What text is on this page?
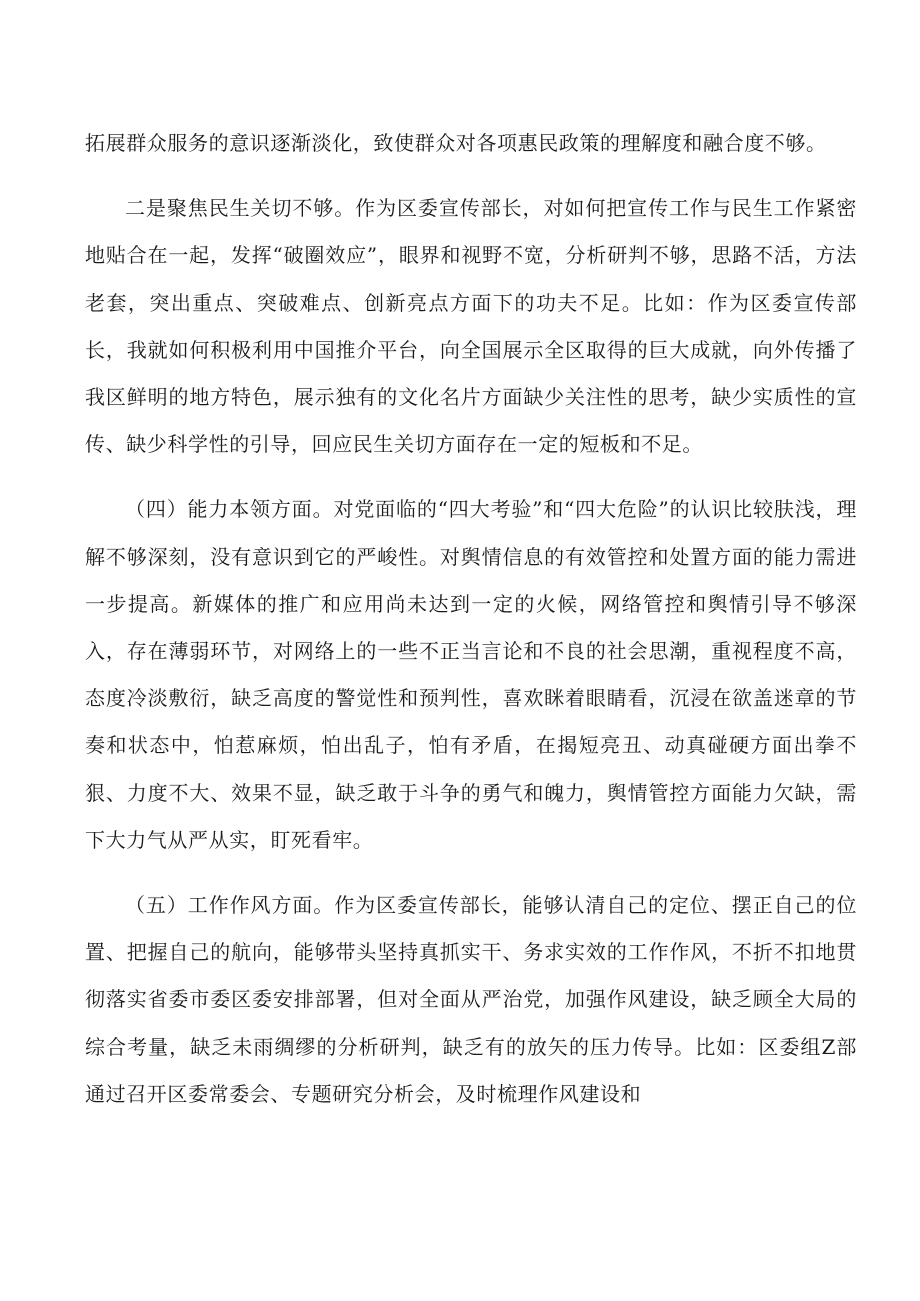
拓展群众服务的意识逐渐淡化，致使群众对各项惠民政策的理解度和融合度不够。

二是聚焦民生关切不够。作为区委宣传部长，对如何把宣传工作与民生工作紧密地贴合在一起，发挥“破圈效应”，眼界和视野不宽，分析研判不够，思路不活，方法老套，突出重点、突破难点、创新亮点方面下的功夫不足。比如：作为区委宣传部长，我就如何积极利用中国推介平台，向全国展示全区取得的巨大成就，向外传播了我区鲜明的地方特色，展示独有的文化名片方面缺少关注性的思考，缺少实质性的宣传、缺少科学性的引导，回应民生关切方面存在一定的短板和不足。

（四）能力本领方面。对党面临的“四大考验”和“四大危险”的认识比较肤浅，理解不够深刻，没有意识到它的严峻性。对舆情信息的有效管控和处置方面的能力需进一步提高。新媒体的推广和应用尚未达到一定的火候，网络管控和舆情引导不够深入，存在薄弱环节，对网络上的一些不正当言论和不良的社会思潮，重视程度不高，态度冷淡敷衍，缺乏高度的警觉性和预判性，喜欢眯着眼睛看，沉浸在欲盖迷章的节奏和状态中，怕惹麻烦，怕出乱子，怕有矛盾，在揭短亮丑、动真碰硬方面出拳不狠、力度不大、效果不显，缺乏敢于斗争的勇气和魄力，舆情管控方面能力欠缺，需下大力气从严从实，盯死看牢。

（五）工作作风方面。作为区委宣传部长，能够认清自己的定位、摆正自己的位置、把握自己的航向，能够带头坚持真抓实干、务求实效的工作作风，不折不扣地贯彻落实省委市委区委安排部署，但对全面从严治党，加强作风建设，缺乏顾全大局的综合考量，缺乏未雨绸缪的分析研判，缺乏有的放矢的压力传导。比如：区委组Z部通过召开区委常委会、专题研究分析会，及时梳理作风建设和
